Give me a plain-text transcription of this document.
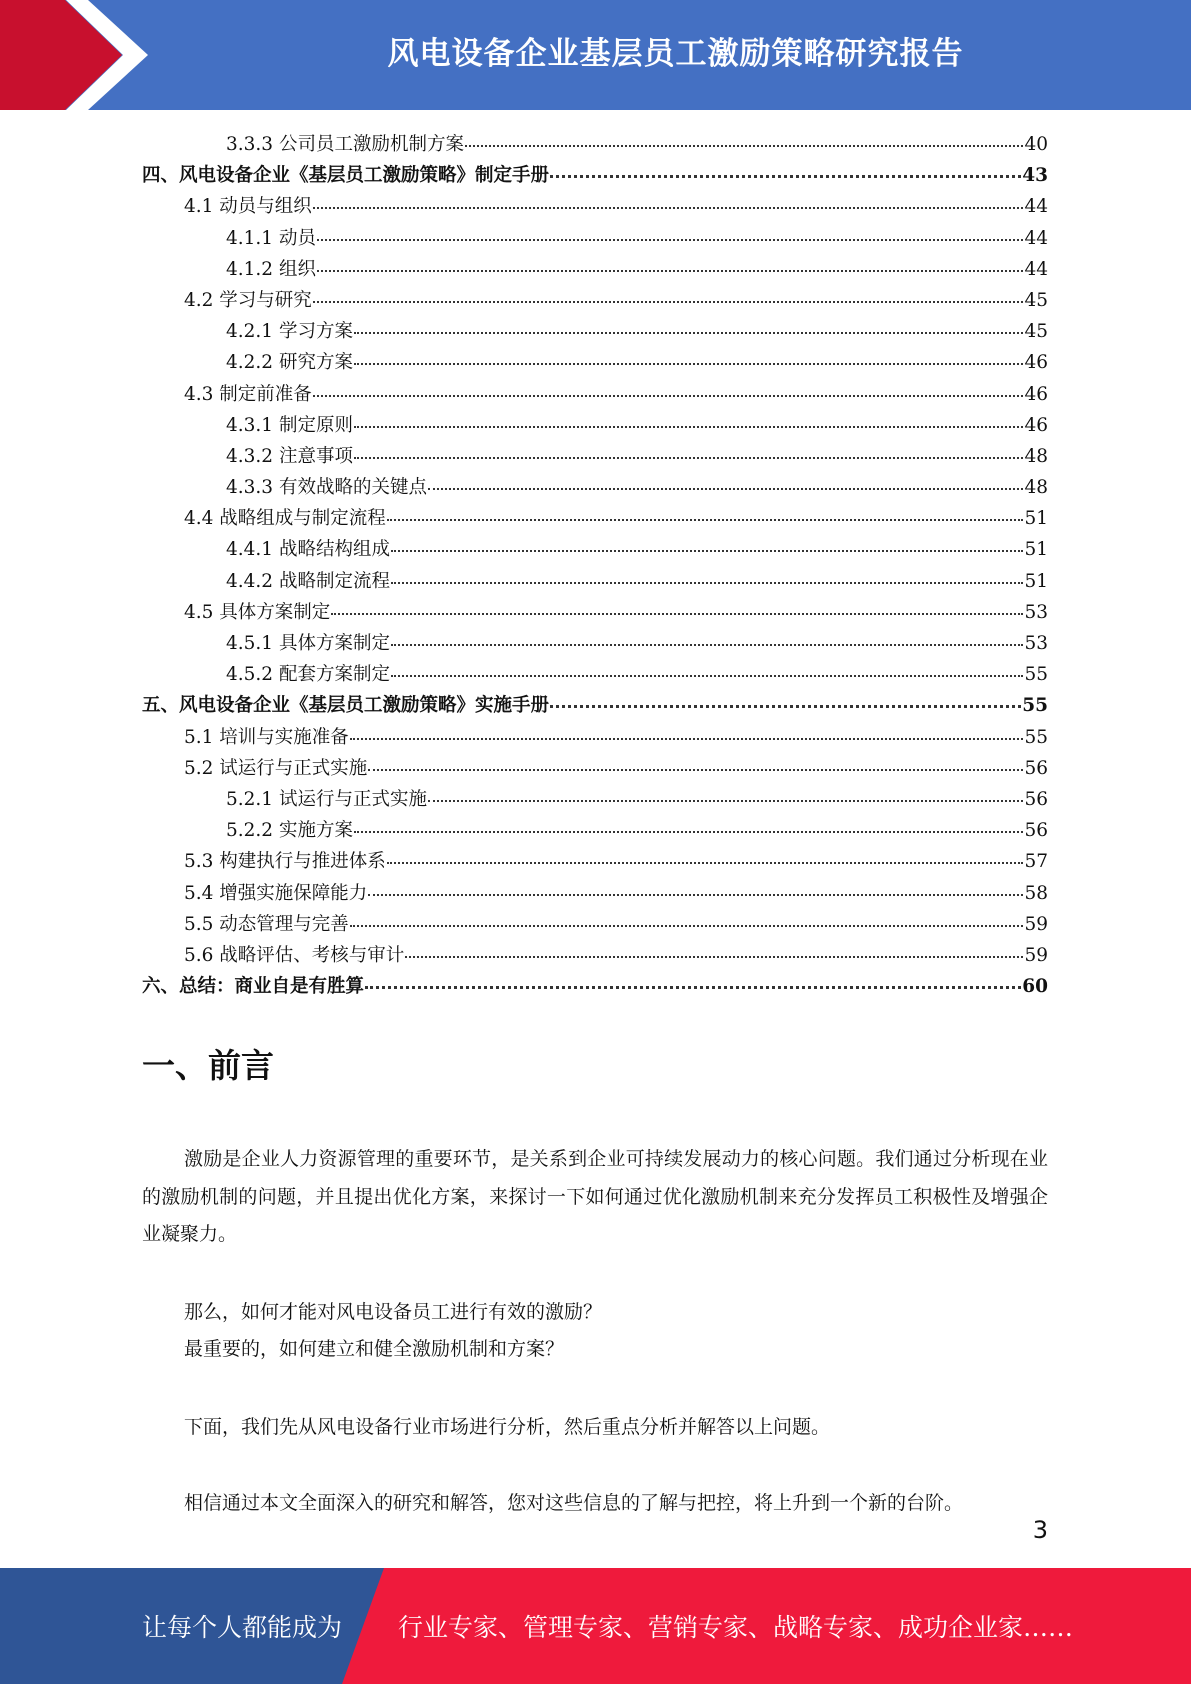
风电设备企业基层员工激励策略研究报告
3.3.3 公司员工激励机制方案	40
四、风电设备企业《基层员工激励策略》制定手册	43
4.1 动员与组织	44
4.1.1 动员	44
4.1.2 组织	44
4.2 学习与研究	45
4.2.1 学习方案	45
4.2.2 研究方案	46
4.3 制定前准备	46
4.3.1 制定原则	46
4.3.2 注意事项	48
4.3.3 有效战略的关键点	48
4.4 战略组成与制定流程	51
4.4.1 战略结构组成	51
4.4.2 战略制定流程	51
4.5 具体方案制定	53
4.5.1 具体方案制定	53
4.5.2 配套方案制定	55
五、风电设备企业《基层员工激励策略》实施手册	55
5.1 培训与实施准备	55
5.2 试运行与正式实施	56
5.2.1 试运行与正式实施	56
5.2.2 实施方案	56
5.3 构建执行与推进体系	57
5.4 增强实施保障能力	58
5.5 动态管理与完善	59
5.6 战略评估、考核与审计	59
六、总结：商业自是有胜算	60
一、前言
激励是企业人力资源管理的重要环节，是关系到企业可持续发展动力的核心问题。我们通过分析现在业的激励机制的问题，并且提出优化方案，来探讨一下如何通过优化激励机制来充分发挥员工积极性及增强企业凝聚力。
那么，如何才能对风电设备员工进行有效的激励？
最重要的，如何建立和健全激励机制和方案？
下面，我们先从风电设备行业市场进行分析，然后重点分析并解答以上问题。
相信通过本文全面深入的研究和解答，您对这些信息的了解与把控，将上升到一个新的台阶。
3
让每个人都能成为 行业专家、管理专家、营销专家、战略专家、成功企业家……
